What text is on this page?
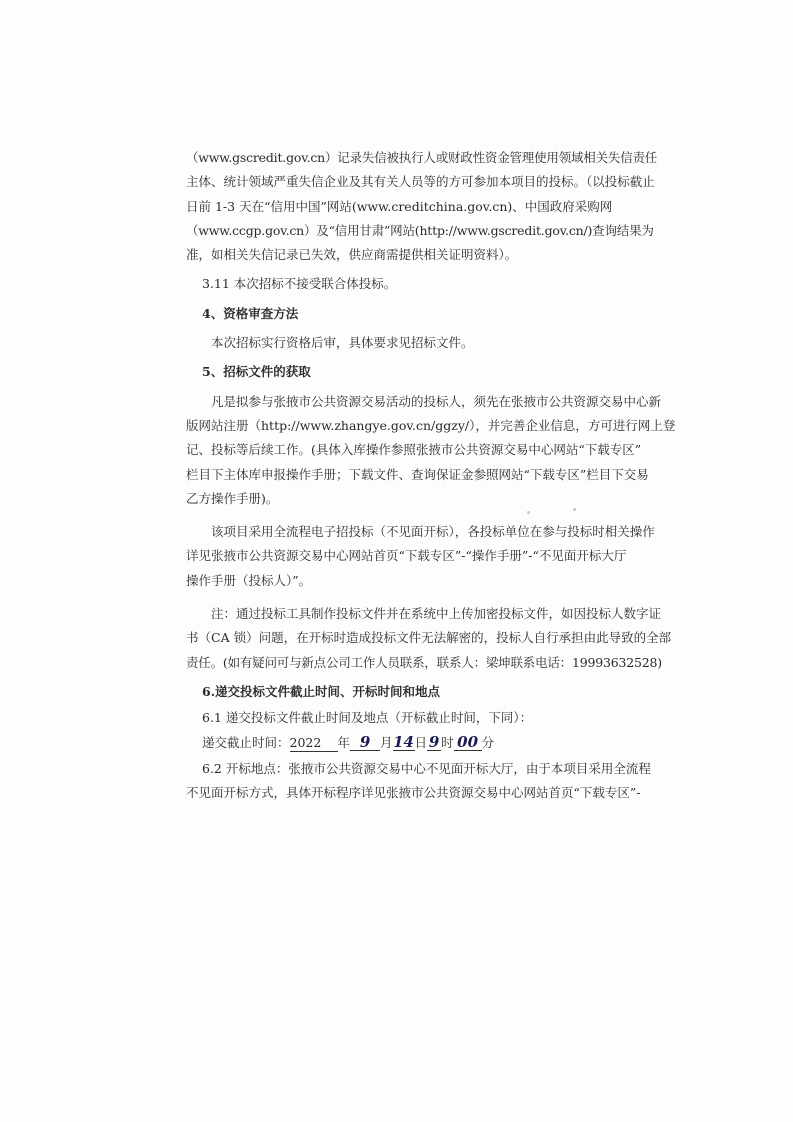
（www.gscredit.gov.cn）记录失信被执行人或财政性资金管理使用领域相关失信责任

主体、统计领域严重失信企业及其有关人员等的方可参加本项目的投标。（以投标截止

日前 1-3 天在“信用中国”网站(www.creditchina.gov.cn)、中国政府采购网

（www.ccgp.gov.cn）及“信用甘肃”网站(http://www.gscredit.gov.cn/)查询结果为

准，如相关失信记录已失效，供应商需提供相关证明资料）。

3.11 本次招标不接受联合体投标。

4、资格审查方法

本次招标实行资格后审，具体要求见招标文件。

5、招标文件的获取

凡是拟参与张掖市公共资源交易活动的投标人，须先在张掖市公共资源交易中心新

版网站注册（http://www.zhangye.gov.cn/ggzy/），并完善企业信息，方可进行网上登

记、投标等后续工作。(具体入库操作参照张掖市公共资源交易中心网站“下载专区”

栏目下主体库申报操作手册；下载文件、查询保证金参照网站“下载专区”栏目下交易

乙方操作手册)。

该项目采用全流程电子招投标（不见面开标），各投标单位在参与投标时相关操作

详见张掖市公共资源交易中心网站首页“下载专区”-“操作手册”-“不见面开标大厅

操作手册（投标人）”。

注：通过投标工具制作投标文件并在系统中上传加密投标文件，如因投标人数字证

书（CA 锁）问题，在开标时造成投标文件无法解密的，投标人自行承担由此导致的全部

责任。(如有疑问可与新点公司工作人员联系，联系人：梁坤联系电话：19993632528)

6.递交投标文件截止时间、开标时间和地点

6.1 递交投标文件截止时间及地点（开标截止时间，下同）：

递交截止时间：2022 年 9 月14日 9 时 00 分

6.2 开标地点：张掖市公共资源交易中心不见面开标大厅，由于本项目采用全流程

不见面开标方式，具体开标程序详见张掖市公共资源交易中心网站首页“下载专区”-
